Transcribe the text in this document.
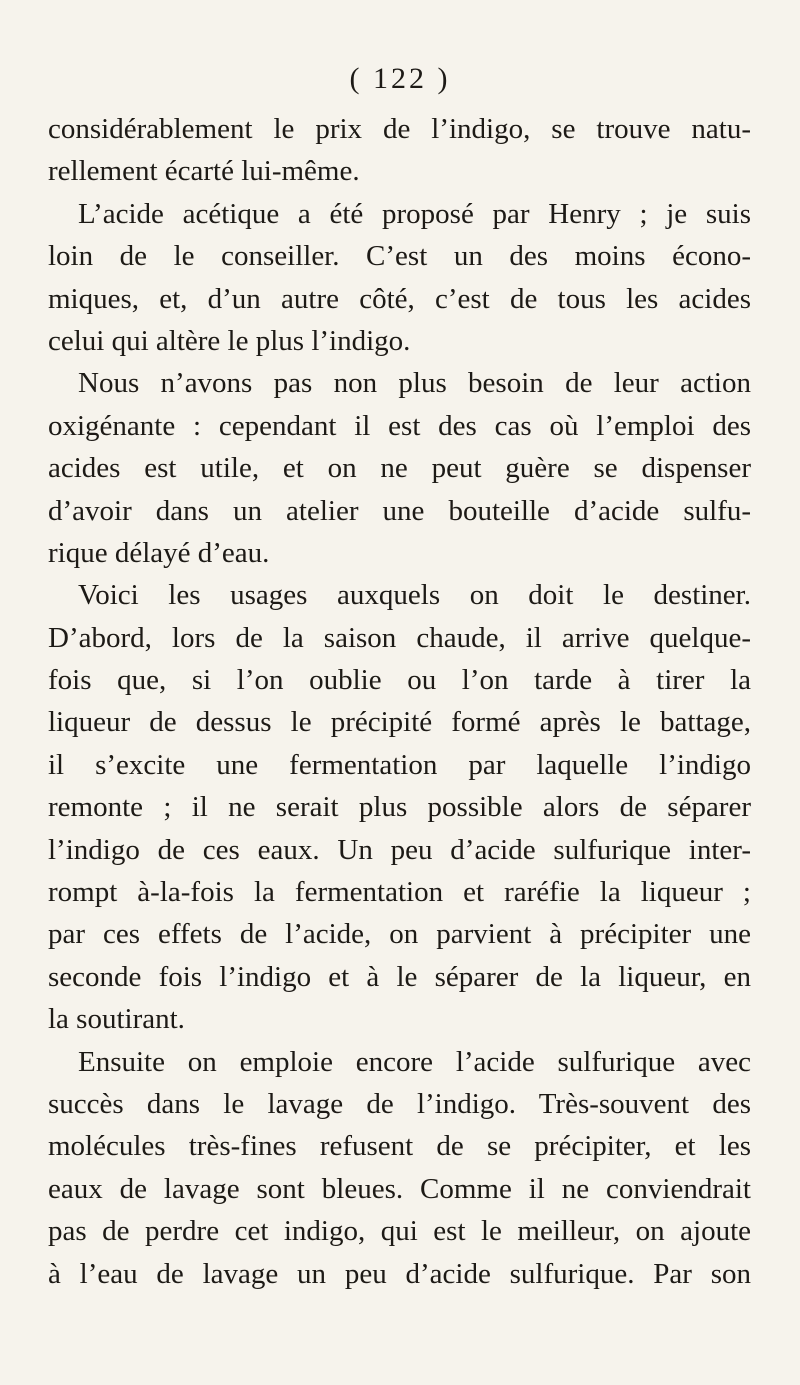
( 122 )
considérablement le prix de l’indigo, se trouve natu-
rellement écarté lui-même.
L’acide acétique a été proposé par Henry ; je suis
loin de le conseiller. C’est un des moins écono-
miques, et, d’un autre côté, c’est de tous les acides
celui qui altère le plus l’indigo.
Nous n’avons pas non plus besoin de leur action
oxigénante : cependant il est des cas où l’emploi des
acides est utile, et on ne peut guère se dispenser
d’avoir dans un atelier une bouteille d’acide sulfu-
rique délayé d’eau.
Voici les usages auxquels on doit le destiner.
D’abord, lors de la saison chaude, il arrive quelque-
fois que, si l’on oublie ou l’on tarde à tirer la
liqueur de dessus le précipité formé après le battage,
il s’excite une fermentation par laquelle l’indigo
remonte ; il ne serait plus possible alors de séparer
l’indigo de ces eaux. Un peu d’acide sulfurique inter-
rompt à-la-fois la fermentation et raréfie la liqueur ;
par ces effets de l’acide, on parvient à précipiter une
seconde fois l’indigo et à le séparer de la liqueur, en
la soutirant.
Ensuite on emploie encore l’acide sulfurique avec
succès dans le lavage de l’indigo. Très-souvent des
molécules très-fines refusent de se précipiter, et les
eaux de lavage sont bleues. Comme il ne conviendrait
pas de perdre cet indigo, qui est le meilleur, on ajoute
à l’eau de lavage un peu d’acide sulfurique. Par son
